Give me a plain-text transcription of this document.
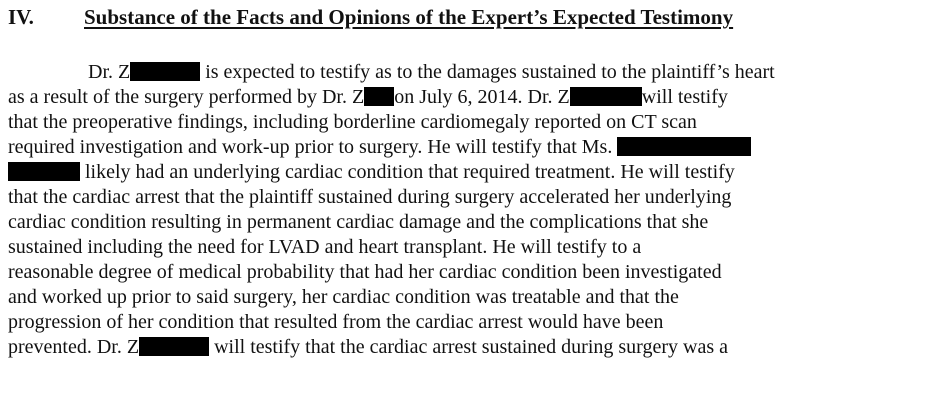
IV. Substance of the Facts and Opinions of the Expert’s Expected Testimony
Dr. Z	is expected to testify as to the damages sustained to the plaintiff’s heart
as a result of the surgery performed by Dr. Z on July 6, 2014. Dr. Z	will testify
that the preoperative findings, including borderline cardiomegaly reported on CT scan
required investigation and work-up prior to surgery. He will testify that Ms.
likely had an underlying cardiac condition that required treatment. He will testify
that the cardiac arrest that the plaintiff sustained during surgery accelerated her underlying
cardiac condition resulting in permanent cardiac damage and the complications that she
sustained including the need for LVAD and heart transplant. He will testify to a
reasonable degree of medical probability that had her cardiac condition been investigated
and worked up prior to said surgery, her cardiac condition was treatable and that the
progression of her condition that resulted from the cardiac arrest would have been
prevented. Dr. Z	will testify that the cardiac arrest sustained during surgery was a
